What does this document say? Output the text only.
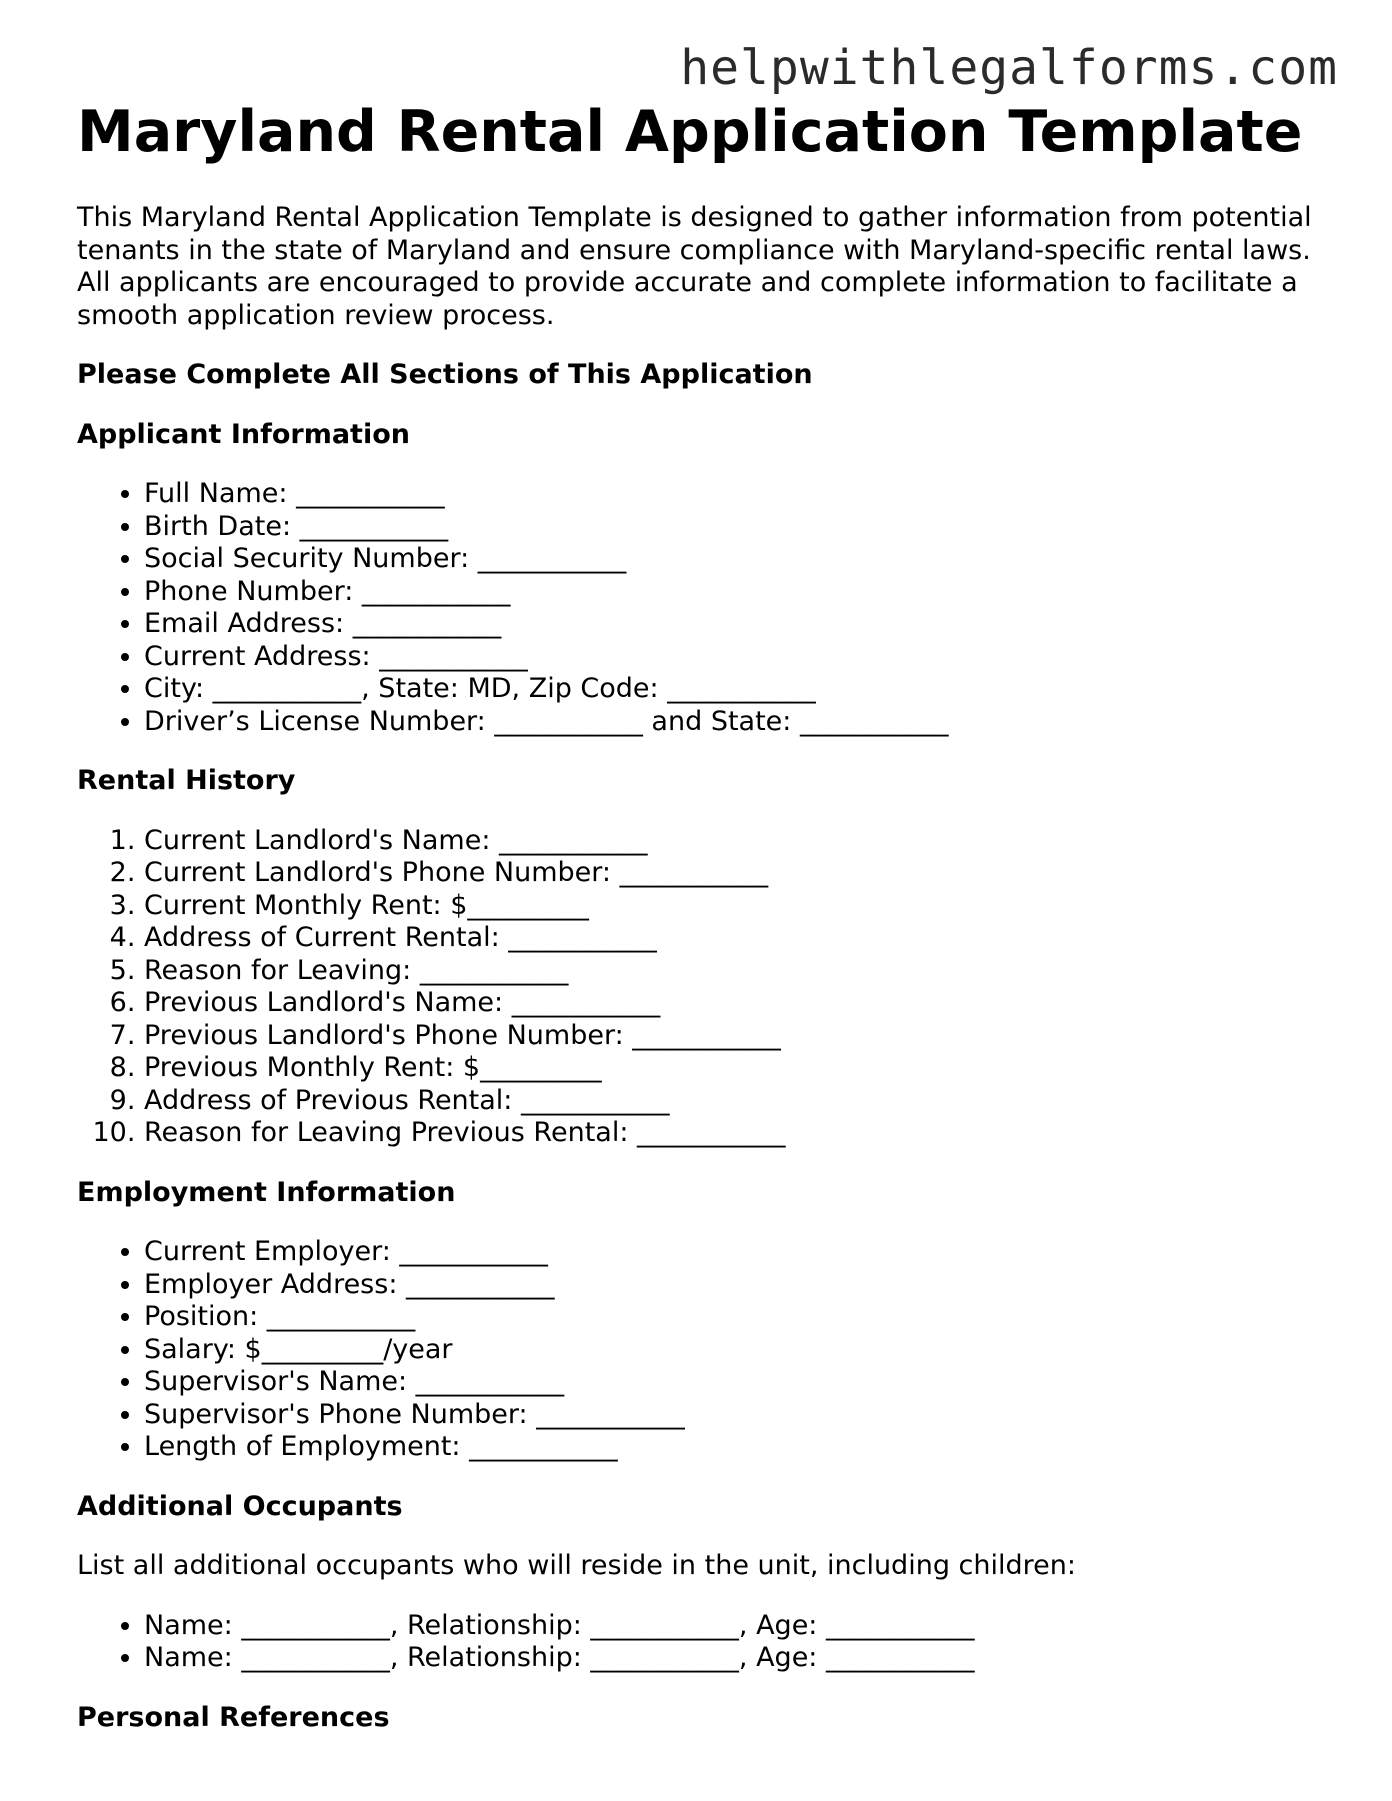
helpwithlegalforms.com
Maryland Rental Application Template

This Maryland Rental Application Template is designed to gather information from potential tenants in the state of Maryland and ensure compliance with Maryland-specific rental laws. All applicants are encouraged to provide accurate and complete information to facilitate a smooth application review process.

Please Complete All Sections of This Application
Applicant Information
• Full Name: ___________
• Birth Date: ___________
• Social Security Number: ___________
• Phone Number: ___________
• Email Address: ___________
• Current Address: ___________
• City: ___________, State: MD, Zip Code: ___________
• Driver’s License Number: ___________ and State: ___________
Rental History
1. Current Landlord's Name: ___________
2. Current Landlord's Phone Number: ___________
3. Current Monthly Rent: $_________
4. Address of Current Rental: ___________
5. Reason for Leaving: ___________
6. Previous Landlord's Name: ___________
7. Previous Landlord's Phone Number: ___________
8. Previous Monthly Rent: $_________
9. Address of Previous Rental: ___________
10. Reason for Leaving Previous Rental: ___________
Employment Information
• Current Employer: ___________
• Employer Address: ___________
• Position: ___________
• Salary: $_________/year
• Supervisor's Name: ___________
• Supervisor's Phone Number: ___________
• Length of Employment: ___________
Additional Occupants

List all additional occupants who will reside in the unit, including children:

• Name: ___________, Relationship: ___________, Age: ___________
• Name: ___________, Relationship: ___________, Age: ___________
Personal References
